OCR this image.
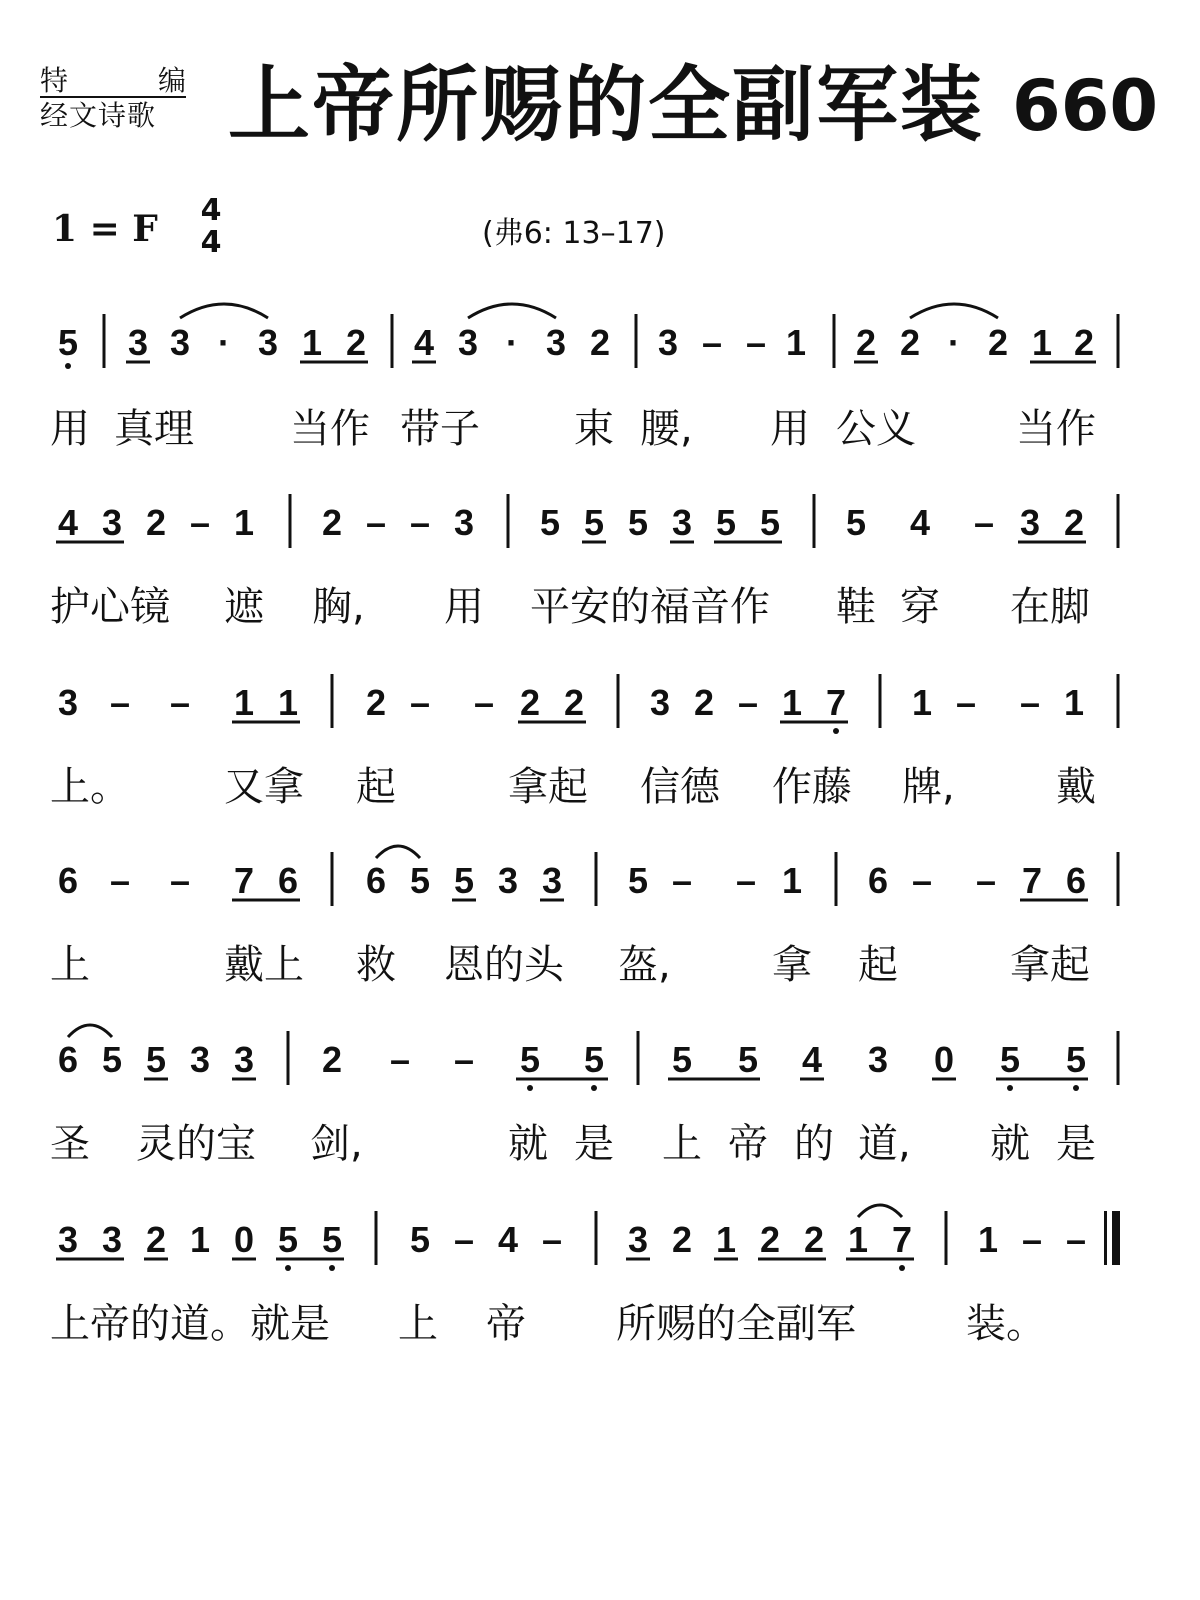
特	编
经文诗歌 上帝所赐的全副军装 660
1 = F 4
4	(弗6: 13–17)
5 3 3 · 3 1 2 4 3 · 3 2 3 – – 1 2 2 · 2 1 2
用 真理 当作 带子 束 腰, 用 公义	当作
4 3 2 – 1 2 – – 3 5 5 5 3 5 5 5 4 – 3 2
护心镜 遮 胸, 用 平安的福音作 鞋 穿 在脚
3 – – 1 1 2 – – 2 2 3 2 – 1 7 1 – – 1
上。 又拿 起	拿起 信德 作藤 牌,	戴
6 – – 7 6 6 5 5 3 3 5 – – 1 6 – – 7 6
上	戴上 救 恩的头 盔,	拿 起	拿起
6 5 5 3 3 2 – – 5 5 5 5 4 3 0 5 5
圣 灵的宝 剑,	就 是 上 帝 的 道, 就 是
3 3 2 1 0 5 5 5 – 4 – 3 2 1 2 2 1 7 1 – –
上帝的道。就是 上 帝 所赐的全副军	装。
